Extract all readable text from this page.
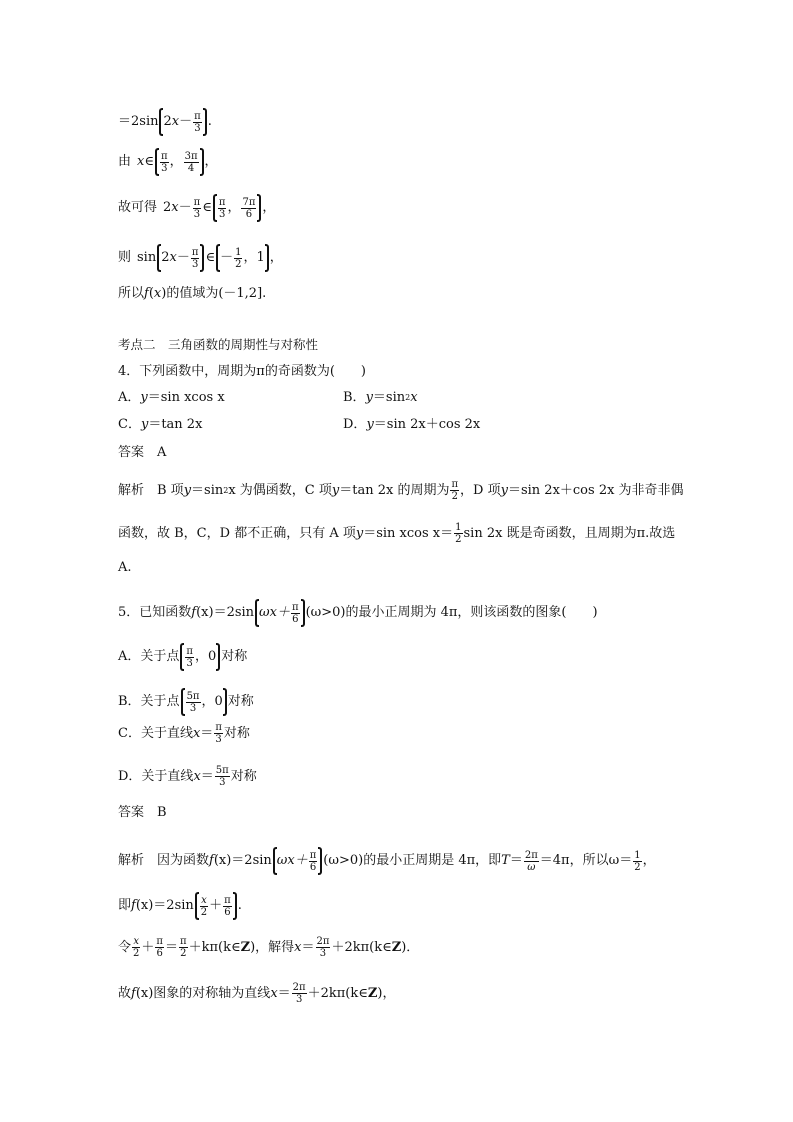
＝2sin 2 $x - \frac{\pi}{3}$ .
由 x ∈ $\frac{\pi}{3}$ ， $\frac{3\pi}{4}$ ，
故可得 2 $x - \frac{\pi}{3}$ ∈ $\frac{\pi}{3}$ ， $\frac{7\pi}{6}$ ，
则 sin 2 $x - \frac{\pi}{3}$ ∈ － $\frac{1}{2}$ ， 1 ，
所以 f ( x ) 的值域为(－1,2].
考点二　三角函数的周期性与对称性
4．下列函数中，周期为π的奇函数为(　　)
A． y ＝sin xcos x	B． y ＝sin 2 x
C． y ＝tan 2x	D． y ＝sin 2x＋cos 2x
答案　A
解析　B 项 y ＝sin 2 x 为偶函数，C 项 y ＝tan 2x 的周期为 $\frac{\pi}{2}$ ，D 项 y ＝sin 2x＋cos 2x 为非奇非偶
函数，故 B，C，D 都不正确，只有 A 项 y ＝sin xcos $x= \frac{1}{2}$ sin 2x 既是奇函数，且周期为π.故选
A.
5．已知函数 f (x)＝2sin $\omega x+ \frac{\pi}{6} (\omega>0)$的最小正周期为 4π，则该函数的图象(　　)
A．关于点 $\frac{\pi}{3}$ ，0 对称
B．关于点 $\frac{5\pi}{3}$ ，0 对称
C．关于直线 $x = \frac{\pi}{3}$ 对称
D．关于直线 $x = \frac{5\pi}{3}$ 对称
答案　B
解析　因为函数 f (x)＝2sin $\omega x+ \frac{\pi}{6} (\omega>0)$的最小正周期是 4π，即 $T = \frac{2\pi}{\omega} =4\pi$，所以$\omega= \frac{1}{2}$ ，
即 f $(x)=2\sin \frac{x}{2} + \frac{\pi}{6}$ .
令 $\frac{x}{2} + \frac{\pi}{6} = \frac{\pi}{2}$ ＋kπ(k∈ Z )，解得 $x = \frac{2\pi}{3}$ ＋2kπ(k∈ Z )．
故 f (x)图象的对称轴为直线 $x = \frac{2\pi}{3}$ ＋2kπ(k∈ Z )，
